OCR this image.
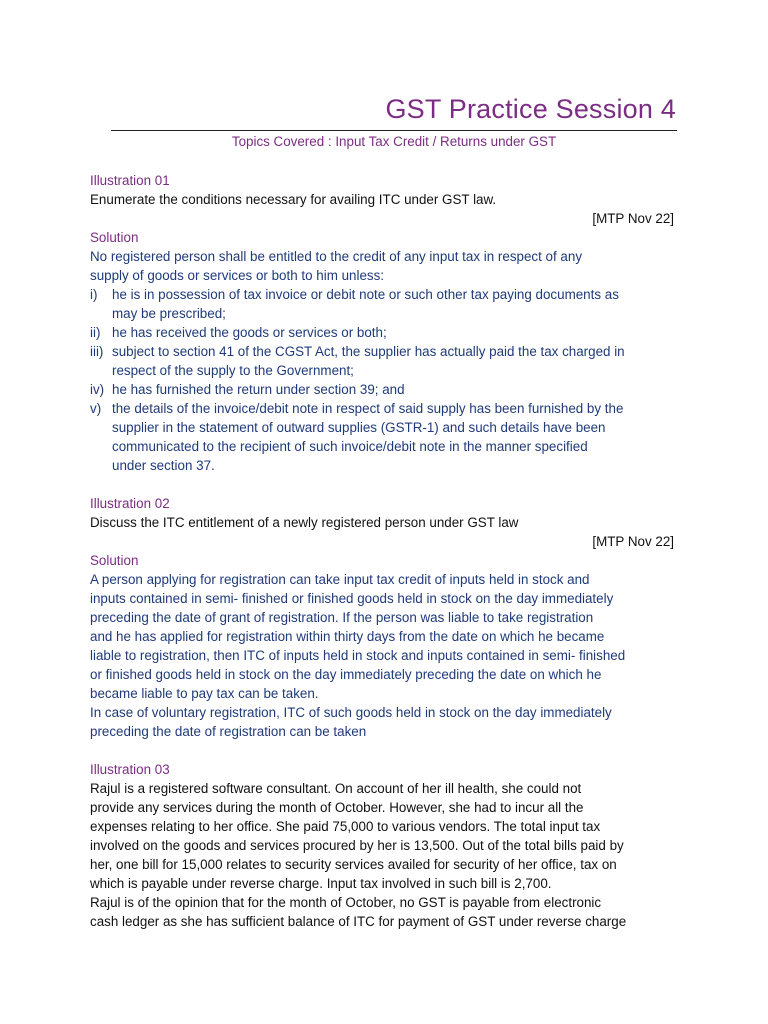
GST Practice Session 4
Topics Covered : Input Tax Credit / Returns under GST
Illustration 01
Enumerate the conditions necessary for availing ITC under GST law.
[MTP Nov 22]
Solution
No registered person shall be entitled to the credit of any input tax in respect of any
supply of goods or services or both to him unless:
i) he is in possession of tax invoice or debit note or such other tax paying documents as
may be prescribed;
ii) he has received the goods or services or both;
iii) subject to section 41 of the CGST Act, the supplier has actually paid the tax charged in
respect of the supply to the Government;
iv) he has furnished the return under section 39; and
v) the details of the invoice/debit note in respect of said supply has been furnished by the
supplier in the statement of outward supplies (GSTR-1) and such details have been
communicated to the recipient of such invoice/debit note in the manner specified
under section 37.
Illustration 02
Discuss the ITC entitlement of a newly registered person under GST law
[MTP Nov 22]
Solution
A person applying for registration can take input tax credit of inputs held in stock and
inputs contained in semi- finished or finished goods held in stock on the day immediately
preceding the date of grant of registration. If the person was liable to take registration
and he has applied for registration within thirty days from the date on which he became
liable to registration, then ITC of inputs held in stock and inputs contained in semi- finished
or finished goods held in stock on the day immediately preceding the date on which he
became liable to pay tax can be taken.
In case of voluntary registration, ITC of such goods held in stock on the day immediately
preceding the date of registration can be taken
Illustration 03
Rajul is a registered software consultant. On account of her ill health, she could not
provide any services during the month of October. However, she had to incur all the
expenses relating to her office. She paid 75,000 to various vendors. The total input tax
involved on the goods and services procured by her is 13,500. Out of the total bills paid by
her, one bill for 15,000 relates to security services availed for security of her office, tax on
which is payable under reverse charge. Input tax involved in such bill is 2,700.
Rajul is of the opinion that for the month of October, no GST is payable from electronic
cash ledger as she has sufficient balance of ITC for payment of GST under reverse charge
